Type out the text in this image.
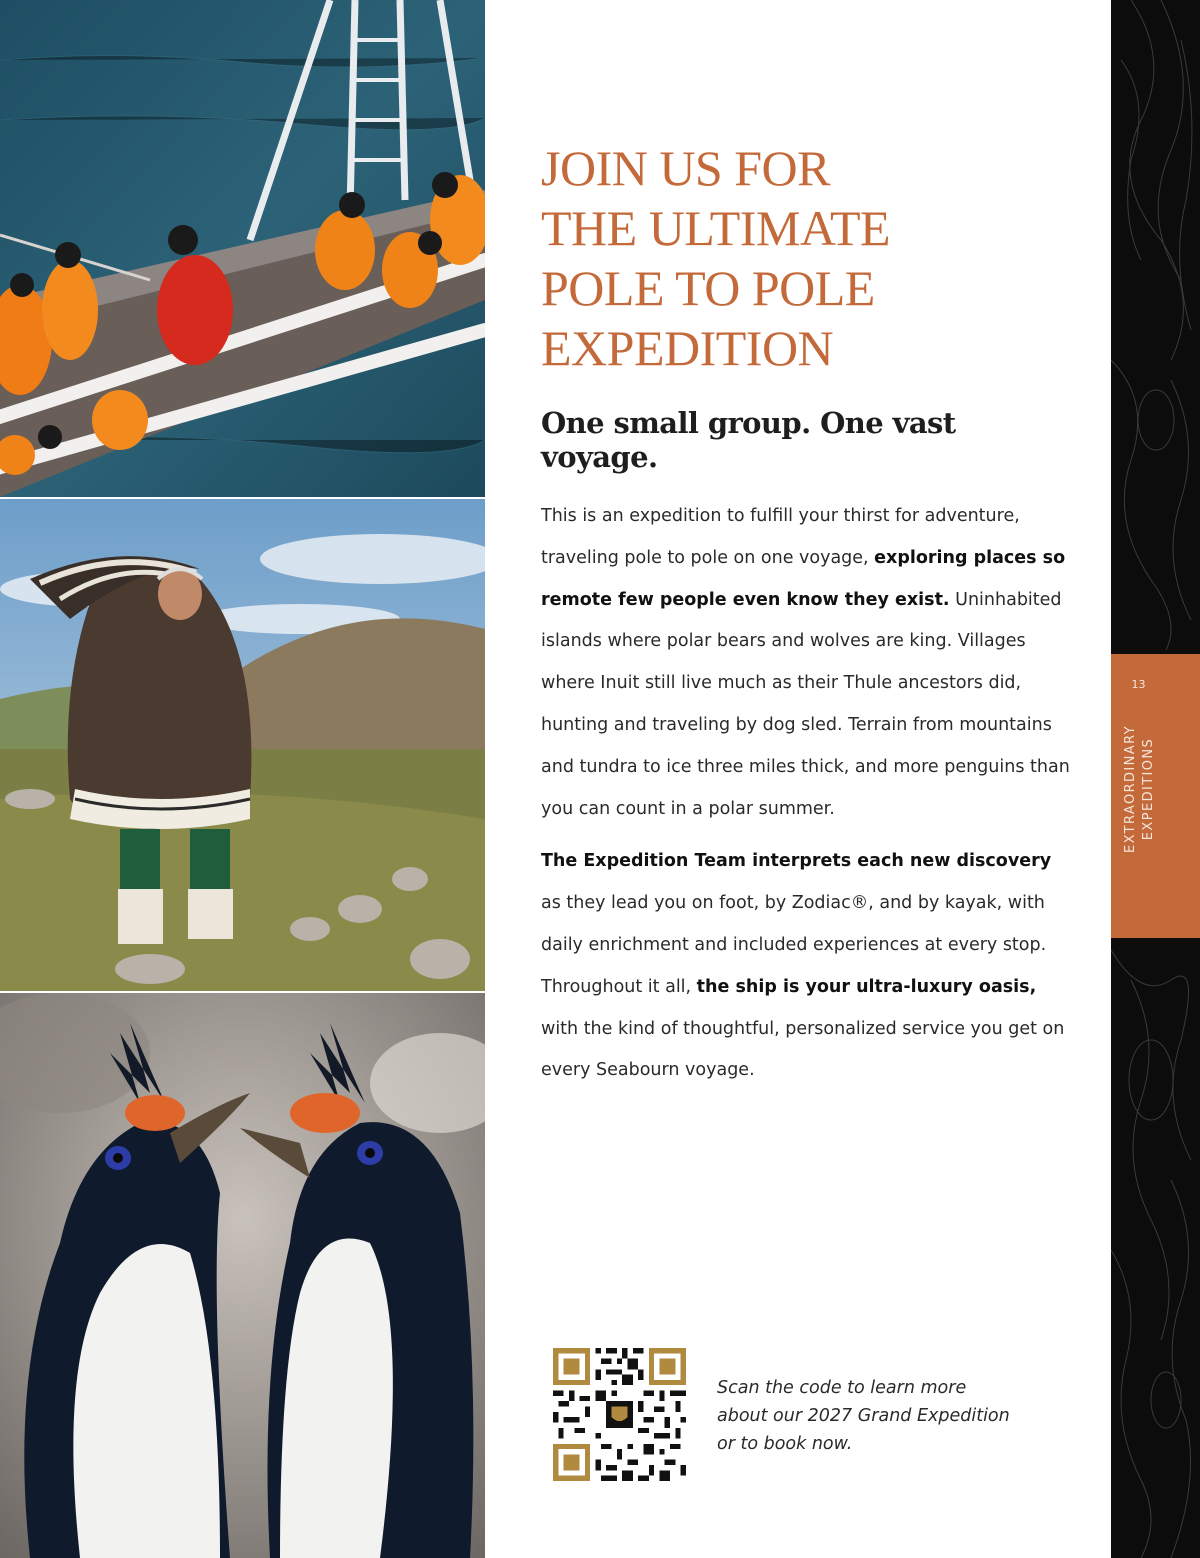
JOIN US FOR
THE ULTIMATE
POLE TO POLE
EXPEDITION
One small group. One vast voyage.

This is an expedition to fulfill your thirst for adventure, traveling pole to pole on one voyage, exploring places so remote few people even know they exist. Uninhabited islands where polar bears and wolves are king. Villages where Inuit still live much as their Thule ancestors did, hunting and traveling by dog sled. Terrain from mountains and tundra to ice three miles thick, and more penguins than you can count in a polar summer.

The Expedition Team interprets each new discovery as they lead you on foot, by Zodiac®, and by kayak, with daily enrichment and included experiences at every stop. Throughout it all, the ship is your ultra-luxury oasis, with the kind of thoughtful, personalized service you get on every Seabourn voyage.

Scan the code to learn more about our 2027 Grand Expedition or to book now.

13
EXTRAORDINARY EXPEDITIONS
